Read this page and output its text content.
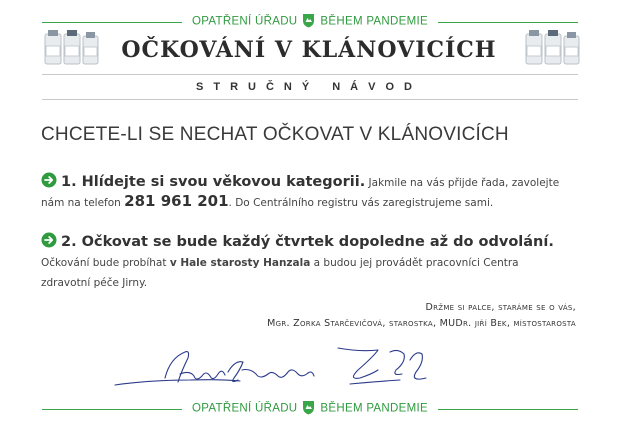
OPATŘENÍ ÚŘADU BĚHEM PANDEMIE
OČKOVÁNÍ V KLÁNOVICÍCH
STRUČNÝ NÁVOD
CHCETE-LI SE NECHAT OČKOVAT V KLÁNOVICÍCH
1. Hlídejte si svou věkovou kategorii. Jakmile na vás přijde řada, zavolejte nám na telefon 281 961 201. Do Centrálního registru vás zaregistrujeme sami.
2. Očkovat se bude každý čtvrtek dopoledne až do odvolání. Očkování bude probíhat v Hale starosty Hanzala a budou jej provádět pracovníci Centra zdravotní péče Jirny.
Držme si palce, staráme se o vás,
Mgr. Zorka Starčevičová, starostka, MUDr. jiří Bek, místostarosta
OPATŘENÍ ÚŘADU BĚHEM PANDEMIE
